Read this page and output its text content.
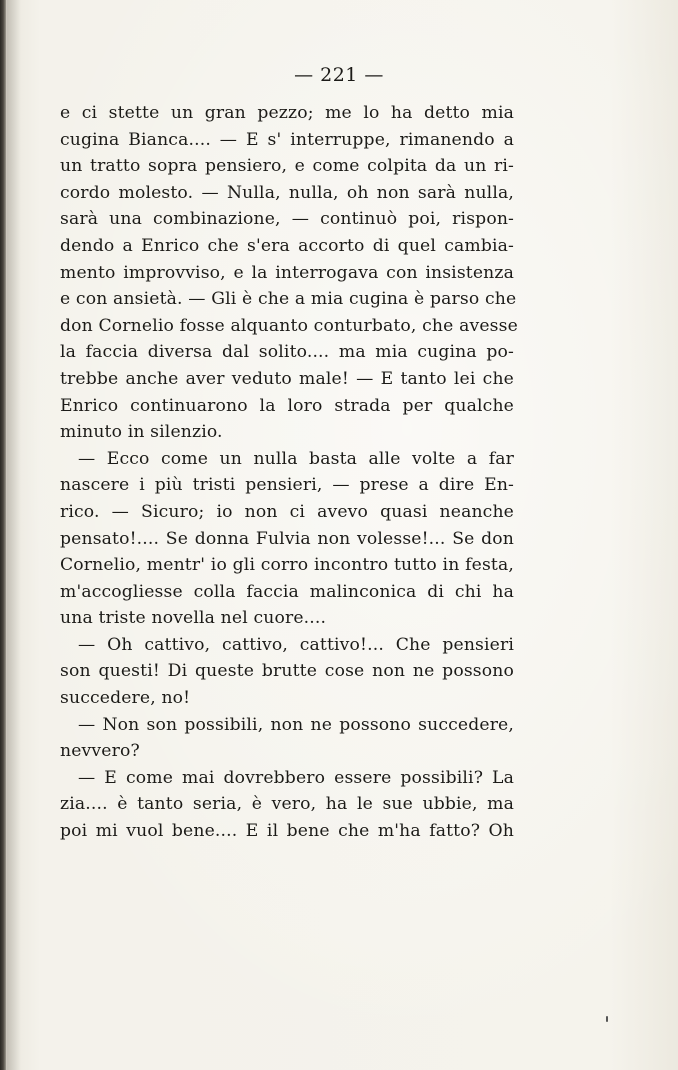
— 221 —
e ci stette un gran pezzo; me lo ha detto mia
cugina Bianca.... — E s' interruppe, rimanendo a
un tratto sopra pensiero, e come colpita da un ri-
cordo molesto. — Nulla, nulla, oh non sarà nulla,
sarà una combinazione, — continuò poi, rispon-
dendo a Enrico che s'era accorto di quel cambia-
mento improvviso, e la interrogava con insistenza
e con ansietà. — Gli è che a mia cugina è parso che
don Cornelio fosse alquanto conturbato, che avesse
la faccia diversa dal solito.... ma mia cugina po-
trebbe anche aver veduto male! — E tanto lei che
Enrico continuarono la loro strada per qualche
minuto in silenzio.
— Ecco come un nulla basta alle volte a far
nascere i più tristi pensieri, — prese a dire En-
rico. — Sicuro; io non ci avevo quasi neanche
pensato!.... Se donna Fulvia non volesse!... Se don
Cornelio, mentr' io gli corro incontro tutto in festa,
m'accogliesse colla faccia malinconica di chi ha
una triste novella nel cuore....
— Oh cattivo, cattivo, cattivo!... Che pensieri
son questi! Di queste brutte cose non ne possono
succedere, no!
— Non son possibili, non ne possono succedere,
nevvero?
— E come mai dovrebbero essere possibili? La
zia.... è tanto seria, è vero, ha le sue ubbie, ma
poi mi vuol bene.... E il bene che m'ha fatto? Oh
